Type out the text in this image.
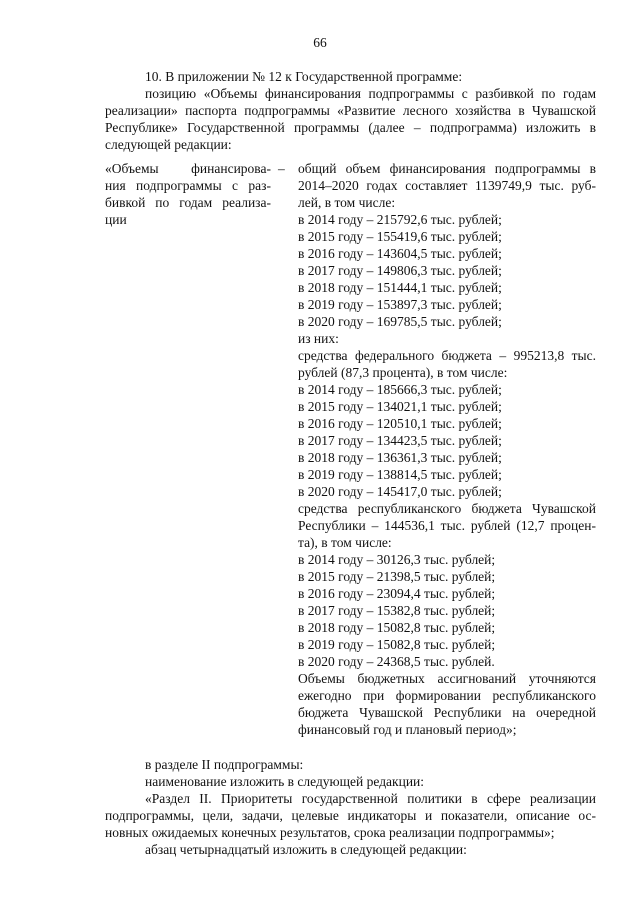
66
10. В приложении № 12 к Государственной программе:
позицию «Объемы финансирования подпрограммы с разбивкой по годам
реализации» паспорта подпрограммы «Развитие лесного хозяйства в Чувашской
Республике» Государственной программы (далее – подпрограмма) изложить в
следующей редакции:
«Объемы финансирова-
ния подпрограммы с раз-
бивкой по годам реализа-
ции
– общий объем финансирования подпрограммы в
2014–2020 годах составляет 1139749,9 тыс. руб-
лей, в том числе:
в 2014 году – 215792,6 тыс. рублей;
в 2015 году – 155419,6 тыс. рублей;
в 2016 году – 143604,5 тыс. рублей;
в 2017 году – 149806,3 тыс. рублей;
в 2018 году – 151444,1 тыс. рублей;
в 2019 году – 153897,3 тыс. рублей;
в 2020 году – 169785,5 тыс. рублей;
из них:
средства федерального бюджета – 995213,8 тыс.
рублей (87,3 процента), в том числе:
в 2014 году – 185666,3 тыс. рублей;
в 2015 году – 134021,1 тыс. рублей;
в 2016 году – 120510,1 тыс. рублей;
в 2017 году – 134423,5 тыс. рублей;
в 2018 году – 136361,3 тыс. рублей;
в 2019 году – 138814,5 тыс. рублей;
в 2020 году – 145417,0 тыс. рублей;
средства республиканского бюджета Чувашской
Республики – 144536,1 тыс. рублей (12,7 процен-
та), в том числе:
в 2014 году – 30126,3 тыс. рублей;
в 2015 году – 21398,5 тыс. рублей;
в 2016 году – 23094,4 тыс. рублей;
в 2017 году – 15382,8 тыс. рублей;
в 2018 году – 15082,8 тыс. рублей;
в 2019 году – 15082,8 тыс. рублей;
в 2020 году – 24368,5 тыс. рублей.
Объемы бюджетных ассигнований уточняются
ежегодно при формировании республиканского
бюджета Чувашской Республики на очередной
финансовый год и плановый период»;
в разделе II подпрограммы:
наименование изложить в следующей редакции:
«Раздел II. Приоритеты государственной политики в сфере реализации
подпрограммы, цели, задачи, целевые индикаторы и показатели, описание ос-
новных ожидаемых конечных результатов, срока реализации подпрограммы»;
абзац четырнадцатый изложить в следующей редакции:
